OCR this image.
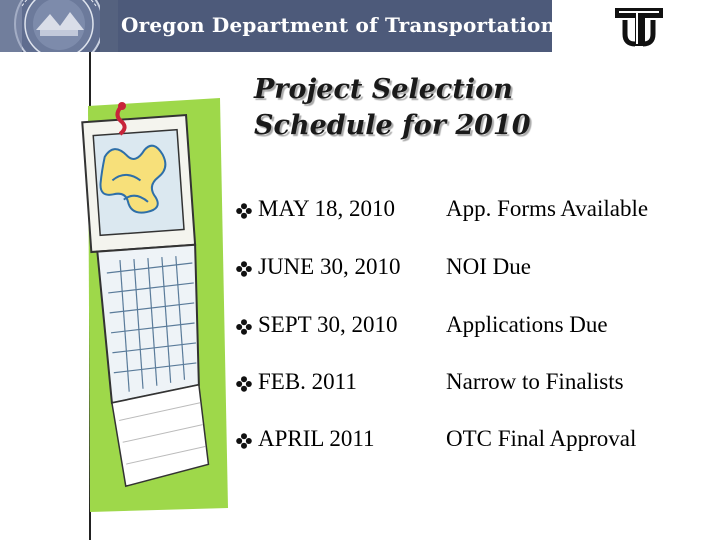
Oregon Department of Transportation
Project Selection
Schedule for 2010
MAY 18, 2010 App. Forms Available
JUNE 30, 2010 NOI Due
SEPT 30, 2010 Applications Due
FEB. 2011	Narrow to Finalists
APRIL 2011	OTC Final Approval
